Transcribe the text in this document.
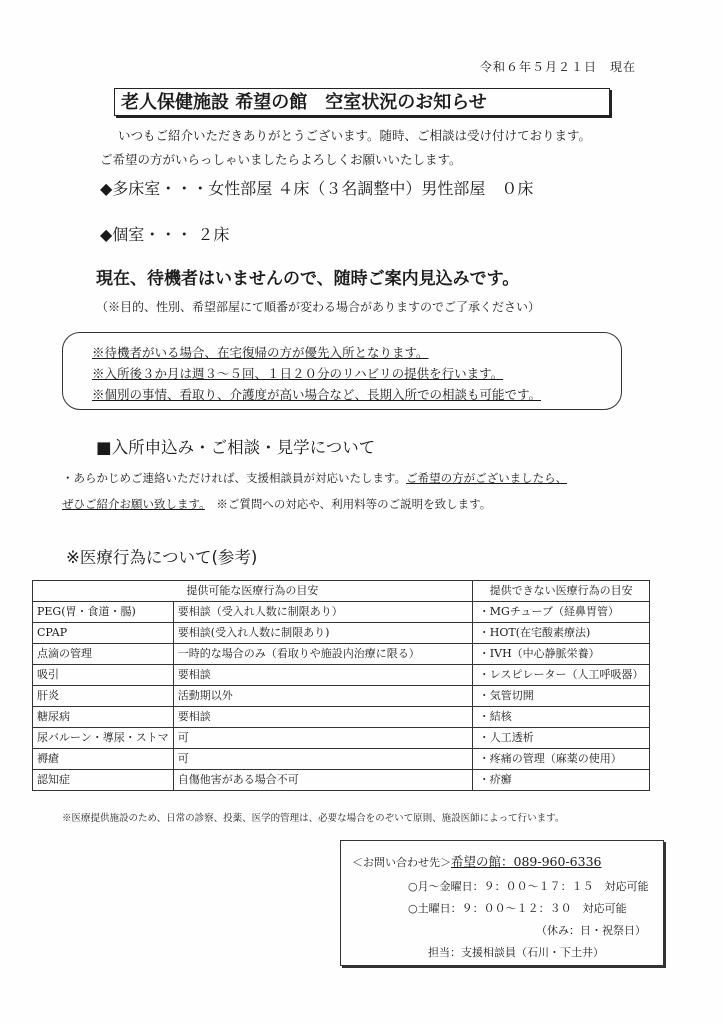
令和６年５月２１日　現在
老人保健施設 希望の館　空室状況のお知らせ
いつもご紹介いただきありがとうございます。随時、ご相談は受け付けております。
ご希望の方がいらっしゃいましたらよろしくお願いいたします。
◆多床室・・・女性部屋 ４床（３名調整中）男性部屋　０床
◆個室・・・ ２床
現在、待機者はいませんので、随時ご案内見込みです。
（※目的、性別、希望部屋にて順番が変わる場合がありますのでご了承ください）
※待機者がいる場合、在宅復帰の方が優先入所となります。
※入所後３か月は週３～５回、１日２０分のリハビリの提供を行います。
※個別の事情、看取り、介護度が高い場合など、長期入所での相談も可能です。
■入所申込み・ご相談・見学について
・あらかじめご連絡いただければ、支援相談員が対応いたします。ご希望の方がございましたら、
ぜひご紹介お願い致します。　※ご質問への対応や、利用料等のご説明を致します。
※医療行為について(参考)
提供可能な医療行為の目安		提供できない医療行為の目安
PEG(胃・食道・腸)	要相談（受入れ人数に制限あり）	・MGチューブ（経鼻胃管）
CPAP	要相談(受入れ人数に制限あり)	・HOT(在宅酸素療法)
点滴の管理	一時的な場合のみ（看取りや施設内治療に限る）	・IVH（中心静脈栄養）
吸引	要相談	・レスピレーター（人工呼吸器）
肝炎	活動期以外	・気管切開
糖尿病	要相談	・結核
尿バルーン・導尿・ストマ	可	・人工透析
褥瘡	可	・疼痛の管理（麻薬の使用）
認知症	自傷他害がある場合不可	・疥癬
※医療提供施設のため、日常の診察、投薬、医学的管理は、必要な場合をのぞいて原則、施設医師によって行います。
＜お問い合わせ先＞希望の館：089-960-6336
○月～金曜日：９：００～１７：１５　対応可能
○土曜日：９：００～１２：３０　対応可能
（休み：日・祝祭日）
担当：支援相談員（石川・下土井）
